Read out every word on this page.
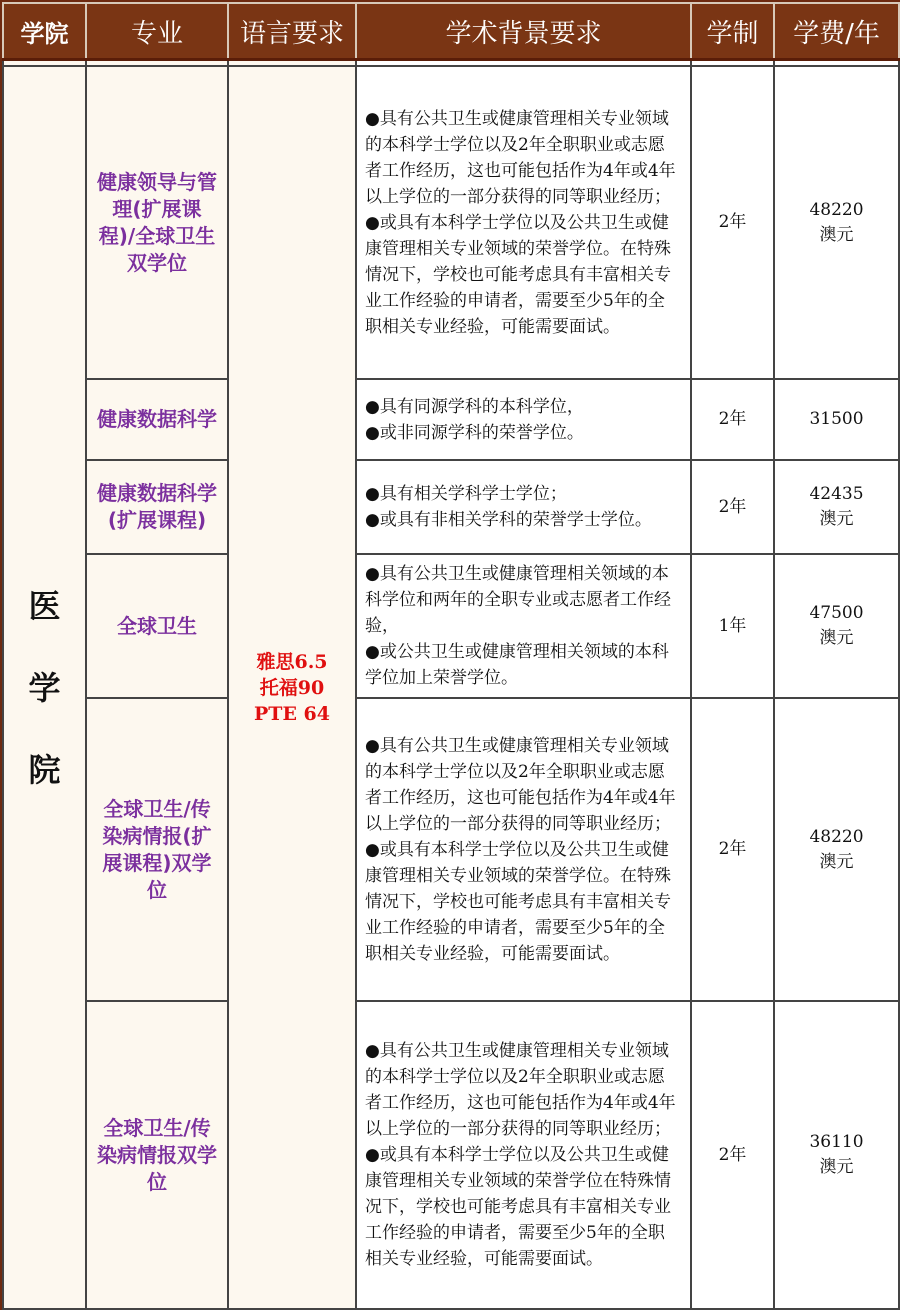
学院	专业	语言要求	学术背景要求	学制	学费/年

医
学
院	健康领导与管理(扩展课程)/全球卫生双学位	雅思6.5
托福90
PTE 64	●具有公共卫生或健康管理相关专业领域的本科学士学位以及2年全职职业或志愿者工作经历，这也可能包括作为4年或4年以上学位的一部分获得的同等职业经历；
●或具有本科学士学位以及公共卫生或健康管理相关专业领域的荣誉学位。在特殊情况下，学校也可能考虑具有丰富相关专业工作经验的申请者，需要至少5年的全职相关专业经验，可能需要面试。	2年	48220
澳元

	健康数据科学		●具有同源学科的本科学位，
●或非同源学科的荣誉学位。	2年	31500

	健康数据科学(扩展课程)		●具有相关学科学士学位；
●或具有非相关学科的荣誉学士学位。	2年	42435
澳元

	全球卫生		●具有公共卫生或健康管理相关领域的本科学位和两年的全职专业或志愿者工作经验，
●或公共卫生或健康管理相关领域的本科学位加上荣誉学位。	1年	47500
澳元

	全球卫生/传染病情报(扩展课程)双学位		●具有公共卫生或健康管理相关专业领域的本科学士学位以及2年全职职业或志愿者工作经历，这也可能包括作为4年或4年以上学位的一部分获得的同等职业经历；
●或具有本科学士学位以及公共卫生或健康管理相关专业领域的荣誉学位。在特殊情况下，学校也可能考虑具有丰富相关专业工作经验的申请者，需要至少5年的全职相关专业经验，可能需要面试。	2年	48220
澳元

	全球卫生/传染病情报双学位		●具有公共卫生或健康管理相关专业领域的本科学士学位以及2年全职职业或志愿者工作经历，这也可能包括作为4年或4年以上学位的一部分获得的同等职业经历；
●或具有本科学士学位以及公共卫生或健康管理相关专业领域的荣誉学位在特殊情况下，学校也可能考虑具有丰富相关专业工作经验的申请者，需要至少5年的全职相关专业经验，可能需要面试。	2年	36110
澳元
